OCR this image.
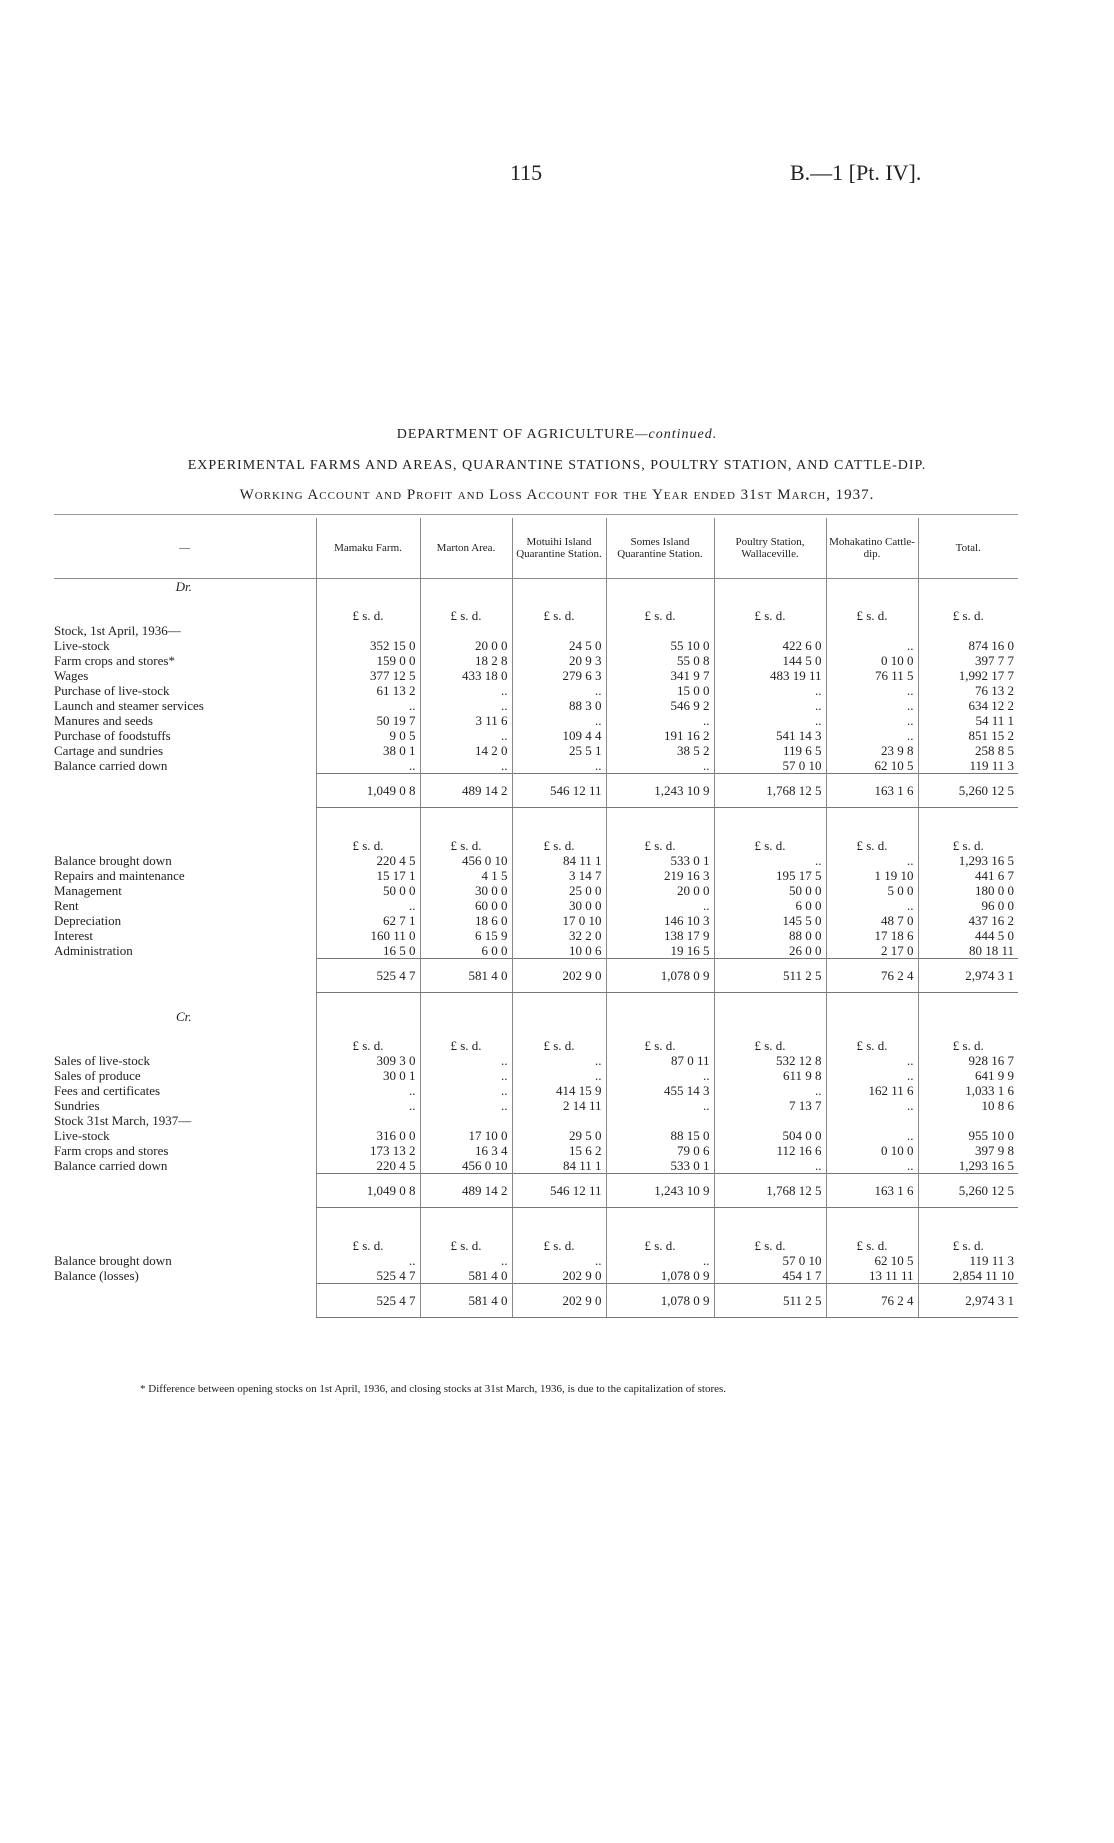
115	B.—1 [Pt. IV].
DEPARTMENT OF AGRICULTURE—continued.
EXPERIMENTAL FARMS AND AREAS, QUARANTINE STATIONS, POULTRY STATION, AND CATTLE-DIP.
Working Account and Profit and Loss Account for the Year ended 31st March, 1937.
—	Mamaku Farm.	Marton Area.	Motuihi Island Quarantine Station.	Somes Island Quarantine Station.	Poultry Station, Wallaceville.	Mohakatino Cattle-dip.	Total.
Dr.							
	£ s. d.	£ s. d.	£ s. d.	£ s. d.	£ s. d.	£ s. d.	£ s. d.
Stock, 1st April, 1936—							
Live-stock	352 15 0	20 0 0	24 5 0	55 10 0	422 6 0	..	874 16 0
Farm crops and stores*	159 0 0	18 2 8	20 9 3	55 0 8	144 5 0	0 10 0	397 7 7
Wages	377 12 5	433 18 0	279 6 3	341 9 7	483 19 11	76 11 5	1,992 17 7
Purchase of live-stock	61 13 2	..	..	15 0 0	..	..	76 13 2
Launch and steamer services	..	..	88 3 0	546 9 2	..	..	634 12 2
Manures and seeds	50 19 7	3 11 6	..	..	..	..	54 11 1
Purchase of foodstuffs	9 0 5	..	109 4 4	191 16 2	541 14 3	..	851 15 2
Cartage and sundries	38 0 1	14 2 0	25 5 1	38 5 2	119 6 5	23 9 8	258 8 5
Balance carried down	..	..	..	..	57 0 10	62 10 5	119 11 3
	1,049 0 8	489 14 2	546 12 11	1,243 10 9	1,768 12 5	163 1 6	5,260 12 5

	£ s. d.	£ s. d.	£ s. d.	£ s. d.	£ s. d.	£ s. d.	£ s. d.
Balance brought down	220 4 5	456 0 10	84 11 1	533 0 1	..	..	1,293 16 5
Repairs and maintenance	15 17 1	4 1 5	3 14 7	219 16 3	195 17 5	1 19 10	441 6 7
Management	50 0 0	30 0 0	25 0 0	20 0 0	50 0 0	5 0 0	180 0 0
Rent	..	60 0 0	30 0 0	..	6 0 0	..	96 0 0
Depreciation	62 7 1	18 6 0	17 0 10	146 10 3	145 5 0	48 7 0	437 16 2
Interest	160 11 0	6 15 9	32 2 0	138 17 9	88 0 0	17 18 6	444 5 0
Administration	16 5 0	6 0 0	10 0 6	19 16 5	26 0 0	2 17 0	80 18 11
	525 4 7	581 4 0	202 9 0	1,078 0 9	511 2 5	76 2 4	2,974 3 1

Cr.							
	£ s. d.	£ s. d.	£ s. d.	£ s. d.	£ s. d.	£ s. d.	£ s. d.
Sales of live-stock	309 3 0	..	..	87 0 11	532 12 8	..	928 16 7
Sales of produce	30 0 1	..	..	..	611 9 8	..	641 9 9
Fees and certificates	..	..	414 15 9	455 14 3	..	162 11 6	1,033 1 6
Sundries	..	..	2 14 11	..	7 13 7	..	10 8 6
Stock 31st March, 1937—							
Live-stock	316 0 0	17 10 0	29 5 0	88 15 0	504 0 0	..	955 10 0
Farm crops and stores	173 13 2	16 3 4	15 6 2	79 0 6	112 16 6	0 10 0	397 9 8
Balance carried down	220 4 5	456 0 10	84 11 1	533 0 1	..	..	1,293 16 5
	1,049 0 8	489 14 2	546 12 11	1,243 10 9	1,768 12 5	163 1 6	5,260 12 5

	£ s. d.	£ s. d.	£ s. d.	£ s. d.	£ s. d.	£ s. d.	£ s. d.
Balance brought down	..	..	..	..	57 0 10	62 10 5	119 11 3
Balance (losses)	525 4 7	581 4 0	202 9 0	1,078 0 9	454 1 7	13 11 11	2,854 11 10
	525 4 7	581 4 0	202 9 0	1,078 0 9	511 2 5	76 2 4	2,974 3 1
* Difference between opening stocks on 1st April, 1936, and closing stocks at 31st March, 1936, is due to the capitalization of stores.
